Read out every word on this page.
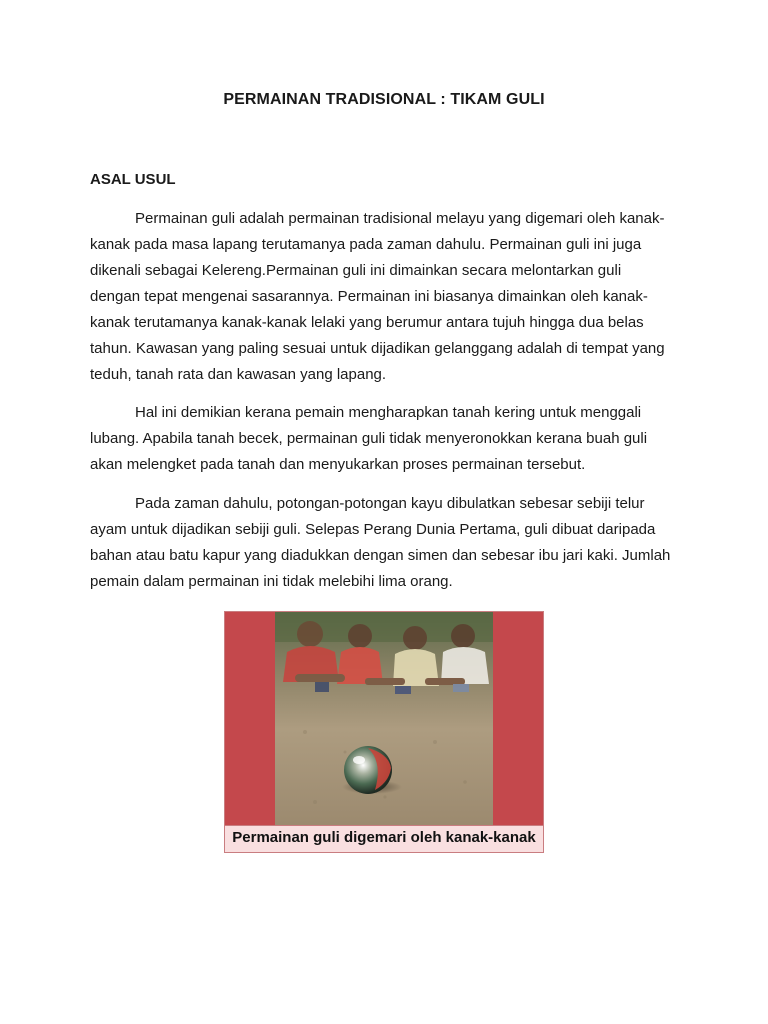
PERMAINAN TRADISIONAL : TIKAM GULI
ASAL USUL

Permainan guli adalah permainan tradisional melayu yang digemari oleh kanak-
kanak pada masa lapang terutamanya pada zaman dahulu. Permainan guli ini juga
dikenali sebagai Kelereng.Permainan guli ini dimainkan secara melontarkan guli
dengan tepat mengenai sasarannya. Permainan ini biasanya dimainkan oleh kanak-
kanak terutamanya kanak-kanak lelaki yang berumur antara tujuh hingga dua belas
tahun. Kawasan yang paling sesuai untuk dijadikan gelanggang adalah di tempat yang
teduh, tanah rata dan kawasan yang lapang.

Hal ini demikian kerana pemain mengharapkan tanah kering untuk menggali
lubang. Apabila tanah becek, permainan guli tidak menyeronokkan kerana buah guli
akan melengket pada tanah dan menyukarkan proses permainan tersebut.

Pada zaman dahulu, potongan-potongan kayu dibulatkan sebesar sebiji telur
ayam untuk dijadikan sebiji guli. Selepas Perang Dunia Pertama, guli dibuat daripada
bahan atau batu kapur yang diadukkan dengan simen dan sebesar ibu jari kaki. Jumlah
pemain dalam permainan ini tidak melebihi lima orang.

Permainan guli digemari oleh kanak-kanak
